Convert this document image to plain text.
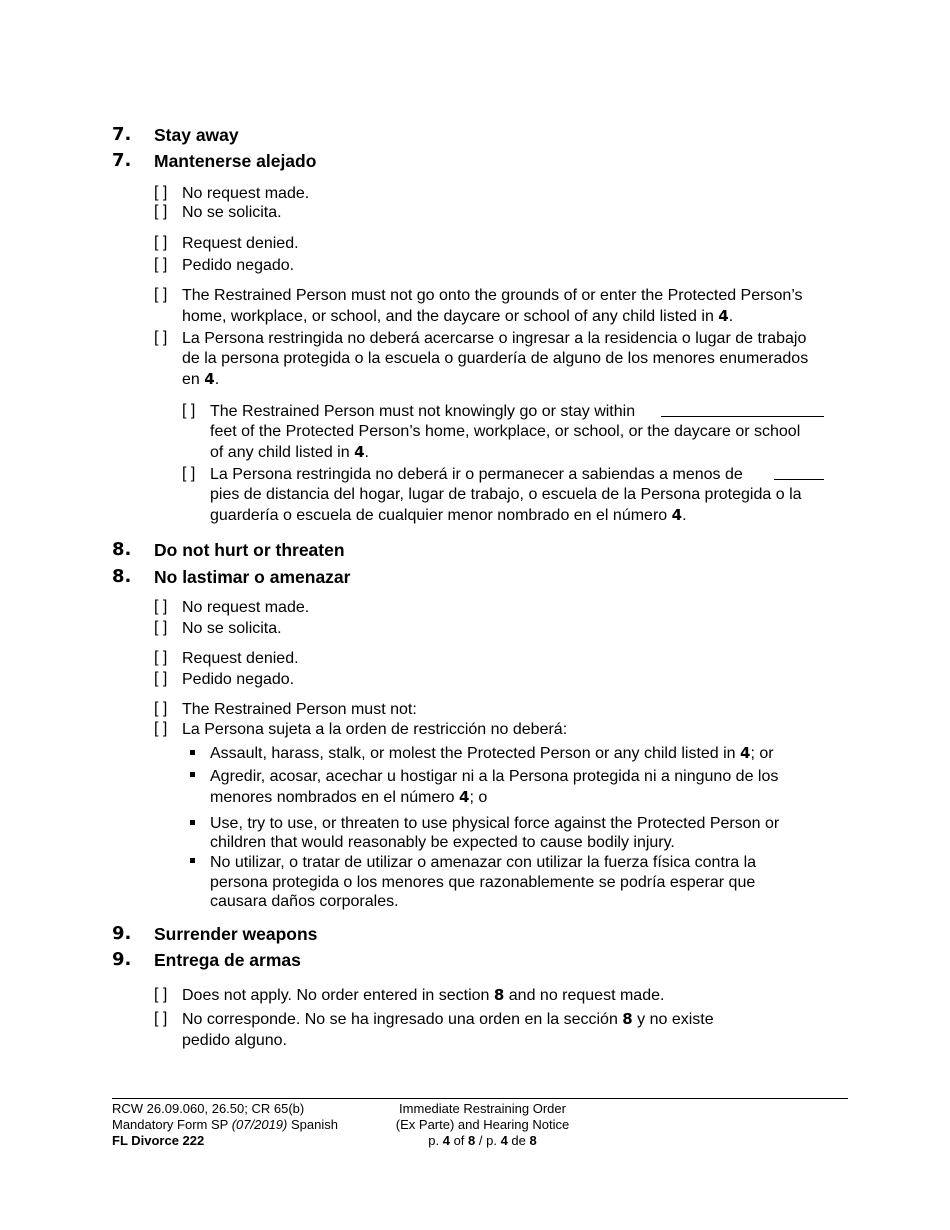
7. Stay away
7. Mantenerse alejado
[ ] No request made.
[ ] No se solicita.
[ ] Request denied.
[ ] Pedido negado.
[ ] The Restrained Person must not go onto the grounds of or enter the Protected Person’s
home, workplace, or school, and the daycare or school of any child listed in 4.
[ ] La Persona restringida no deberá acercarse o ingresar a la residencia o lugar de trabajo
de la persona protegida o la escuela o guardería de alguno de los menores enumerados
en 4.
[ ] The Restrained Person must not knowingly go or stay within
feet of the Protected Person’s home, workplace, or school, or the daycare or school
of any child listed in 4.
[ ] La Persona restringida no deberá ir o permanecer a sabiendas a menos de
pies de distancia del hogar, lugar de trabajo, o escuela de la Persona protegida o la
guardería o escuela de cualquier menor nombrado en el número 4.
8. Do not hurt or threaten
8. No lastimar o amenazar
[ ] No request made.
[ ] No se solicita.
[ ] Request denied.
[ ] Pedido negado.
[ ] The Restrained Person must not:
[ ] La Persona sujeta a la orden de restricción no deberá:
Assault, harass, stalk, or molest the Protected Person or any child listed in 4; or
Agredir, acosar, acechar u hostigar ni a la Persona protegida ni a ninguno de los
menores nombrados en el número 4; o
Use, try to use, or threaten to use physical force against the Protected Person or
children that would reasonably be expected to cause bodily injury.
No utilizar, o tratar de utilizar o amenazar con utilizar la fuerza física contra la
persona protegida o los menores que razonablemente se podría esperar que
causara daños corporales.
9. Surrender weapons
9. Entrega de armas
[ ] Does not apply. No order entered in section 8 and no request made.
[ ] No corresponde. No se ha ingresado una orden en la sección 8 y no existe
pedido alguno.
RCW 26.09.060, 26.50; CR 65(b)
Mandatory Form SP (07/2019) Spanish
FL Divorce 222
Immediate Restraining Order
(Ex Parte) and Hearing Notice
p. 4 of 8 / p. 4 de 8
